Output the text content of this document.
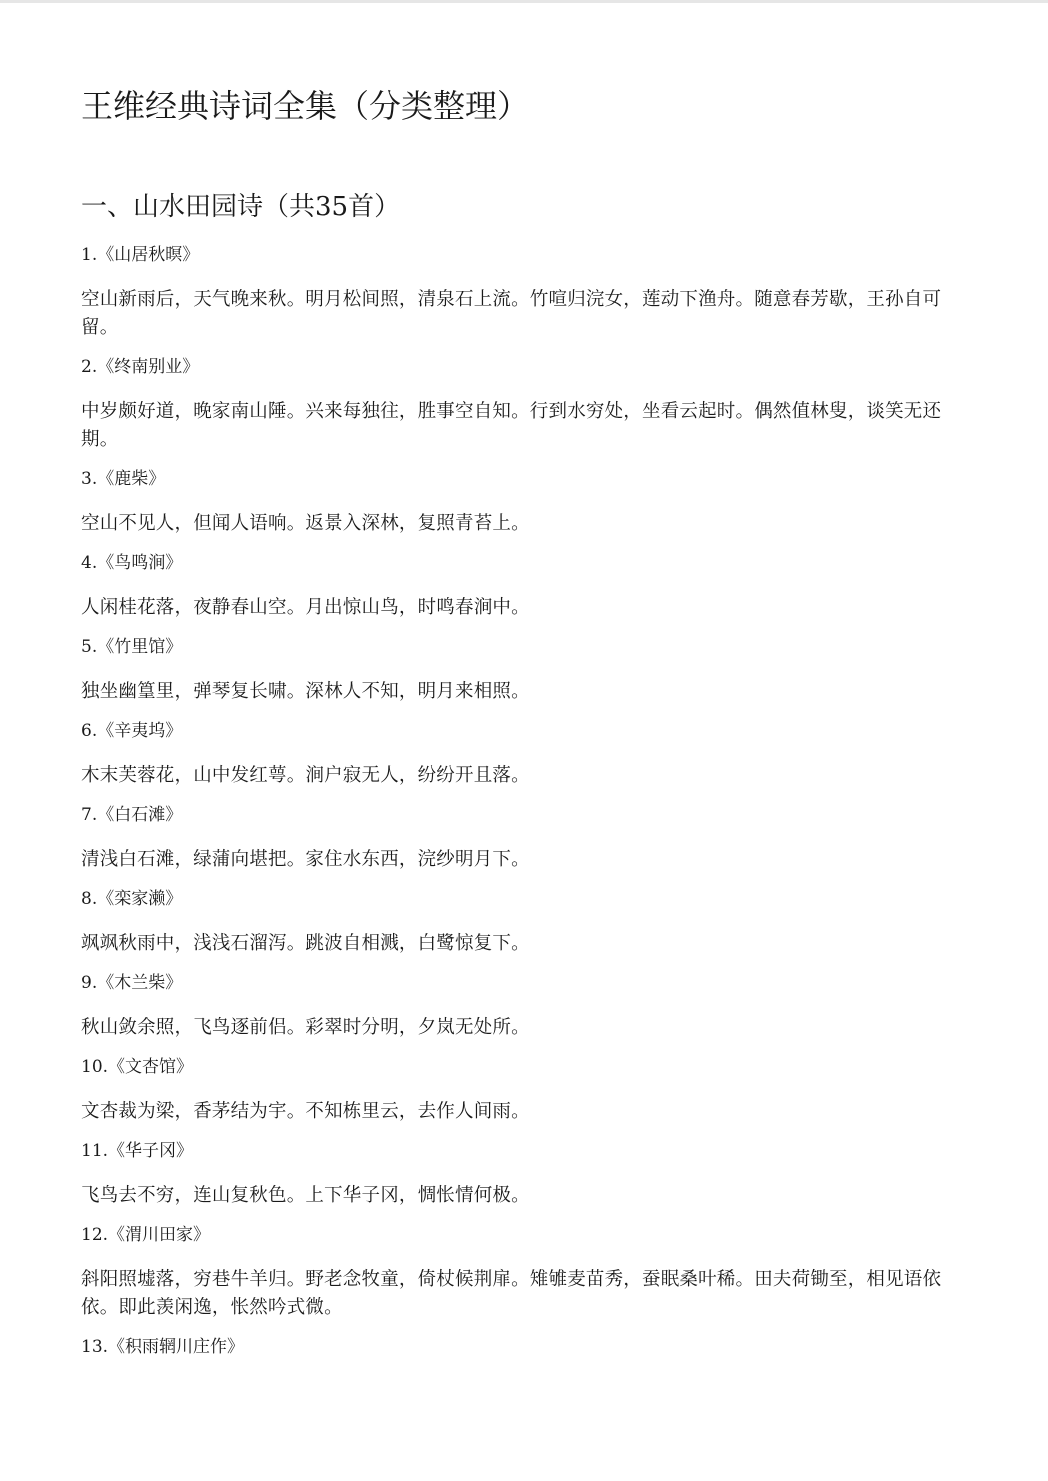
王维经典诗词全集（分类整理）
一、山水田园诗（共35首）

1.《山居秋暝》

空山新雨后，天气晚来秋。明月松间照，清泉石上流。竹喧归浣女，莲动下渔舟。随意春芳歇，王孙自可留。

2.《终南别业》

中岁颇好道，晚家南山陲。兴来每独往，胜事空自知。行到水穷处，坐看云起时。偶然值林叟，谈笑无还期。

3.《鹿柴》

空山不见人，但闻人语响。返景入深林，复照青苔上。

4.《鸟鸣涧》

人闲桂花落，夜静春山空。月出惊山鸟，时鸣春涧中。

5.《竹里馆》

独坐幽篁里，弹琴复长啸。深林人不知，明月来相照。

6.《辛夷坞》

木末芙蓉花，山中发红萼。涧户寂无人，纷纷开且落。

7.《白石滩》

清浅白石滩，绿蒲向堪把。家住水东西，浣纱明月下。

8.《栾家濑》

飒飒秋雨中，浅浅石溜泻。跳波自相溅，白鹭惊复下。

9.《木兰柴》

秋山敛余照，飞鸟逐前侣。彩翠时分明，夕岚无处所。

10.《文杏馆》

文杏裁为梁，香茅结为宇。不知栋里云，去作人间雨。

11.《华子冈》

飞鸟去不穷，连山复秋色。上下华子冈，惆怅情何极。

12.《渭川田家》

斜阳照墟落，穷巷牛羊归。野老念牧童，倚杖候荆扉。雉雊麦苗秀，蚕眠桑叶稀。田夫荷锄至，相见语依依。即此羡闲逸，怅然吟式微。

13.《积雨辋川庄作》
